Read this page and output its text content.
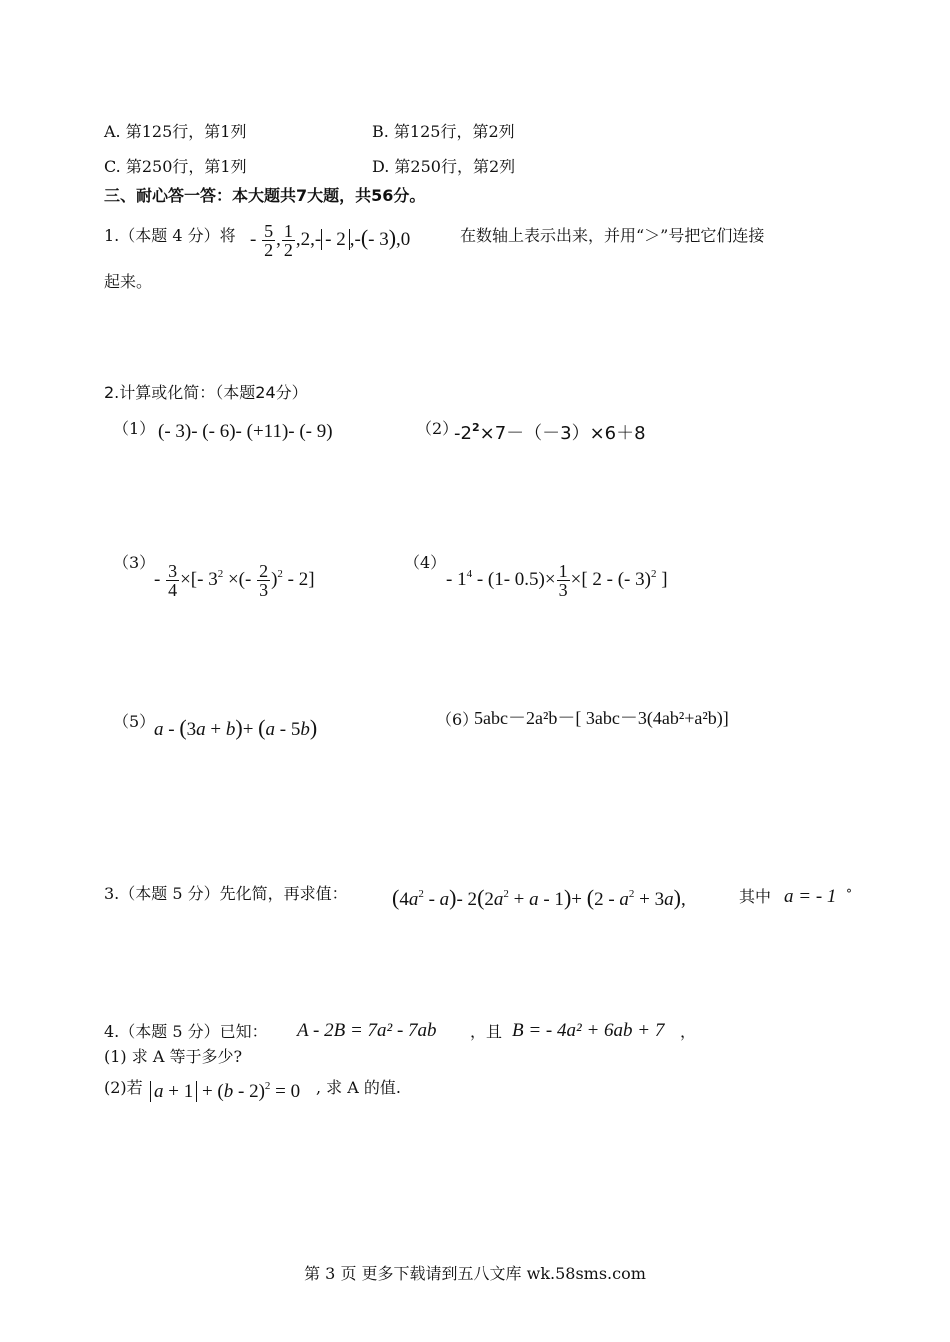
A. 第125行，第1列	B. 第125行，第2列
C. 第250行，第1列	D. 第250行，第2列
三、耐心答一答：本大题共7大题，共56分。
1.（本题 4 分）将 - $\frac{5}{2}$ , $\frac{1}{2} ,2,- - 2$ ,-(- 3),0	在数轴上表示出来，并用“＞”号把它们连接
起来。
2.计算或化简：（本题24分）
（1） (- 3)- (- 6)- (+11)- (- 9)	（2）
$-2^2\times 7-(-3)\times 6+8$
（3）
- $\frac{3}{4}$ ×[- $3^2$ ×(- $\frac{2}{3} )^2 - 2$]
（4）
- $1^4 - (1-$ $0.5)\times \frac{1}{3}$ ×[ 2 - (- 3)$^2$ ]
（5）
a - (3a + b)+ (a - 5b)	（6）
5abc－2a²b－[ 3abc－3(4ab²+a²b)]
3.（本题 5 分）先化简，再求值： $(4a^2 - a)-$ $2(2a^2 + a - 1)+ (2 - a^2 + 3a)$,	其中 a = - 1 °
4.（本题 5 分）已知： A - 2B = 7a² - 7ab ，且 B = - 4a² + 6ab + 7 ，
(1) 求 A 等于多少?
(2)若 a + 1 + (b - 2)$^2$ = 0 , 求 A 的值.
第 3 页 更多下载请到五八文库 wk.58sms.com
